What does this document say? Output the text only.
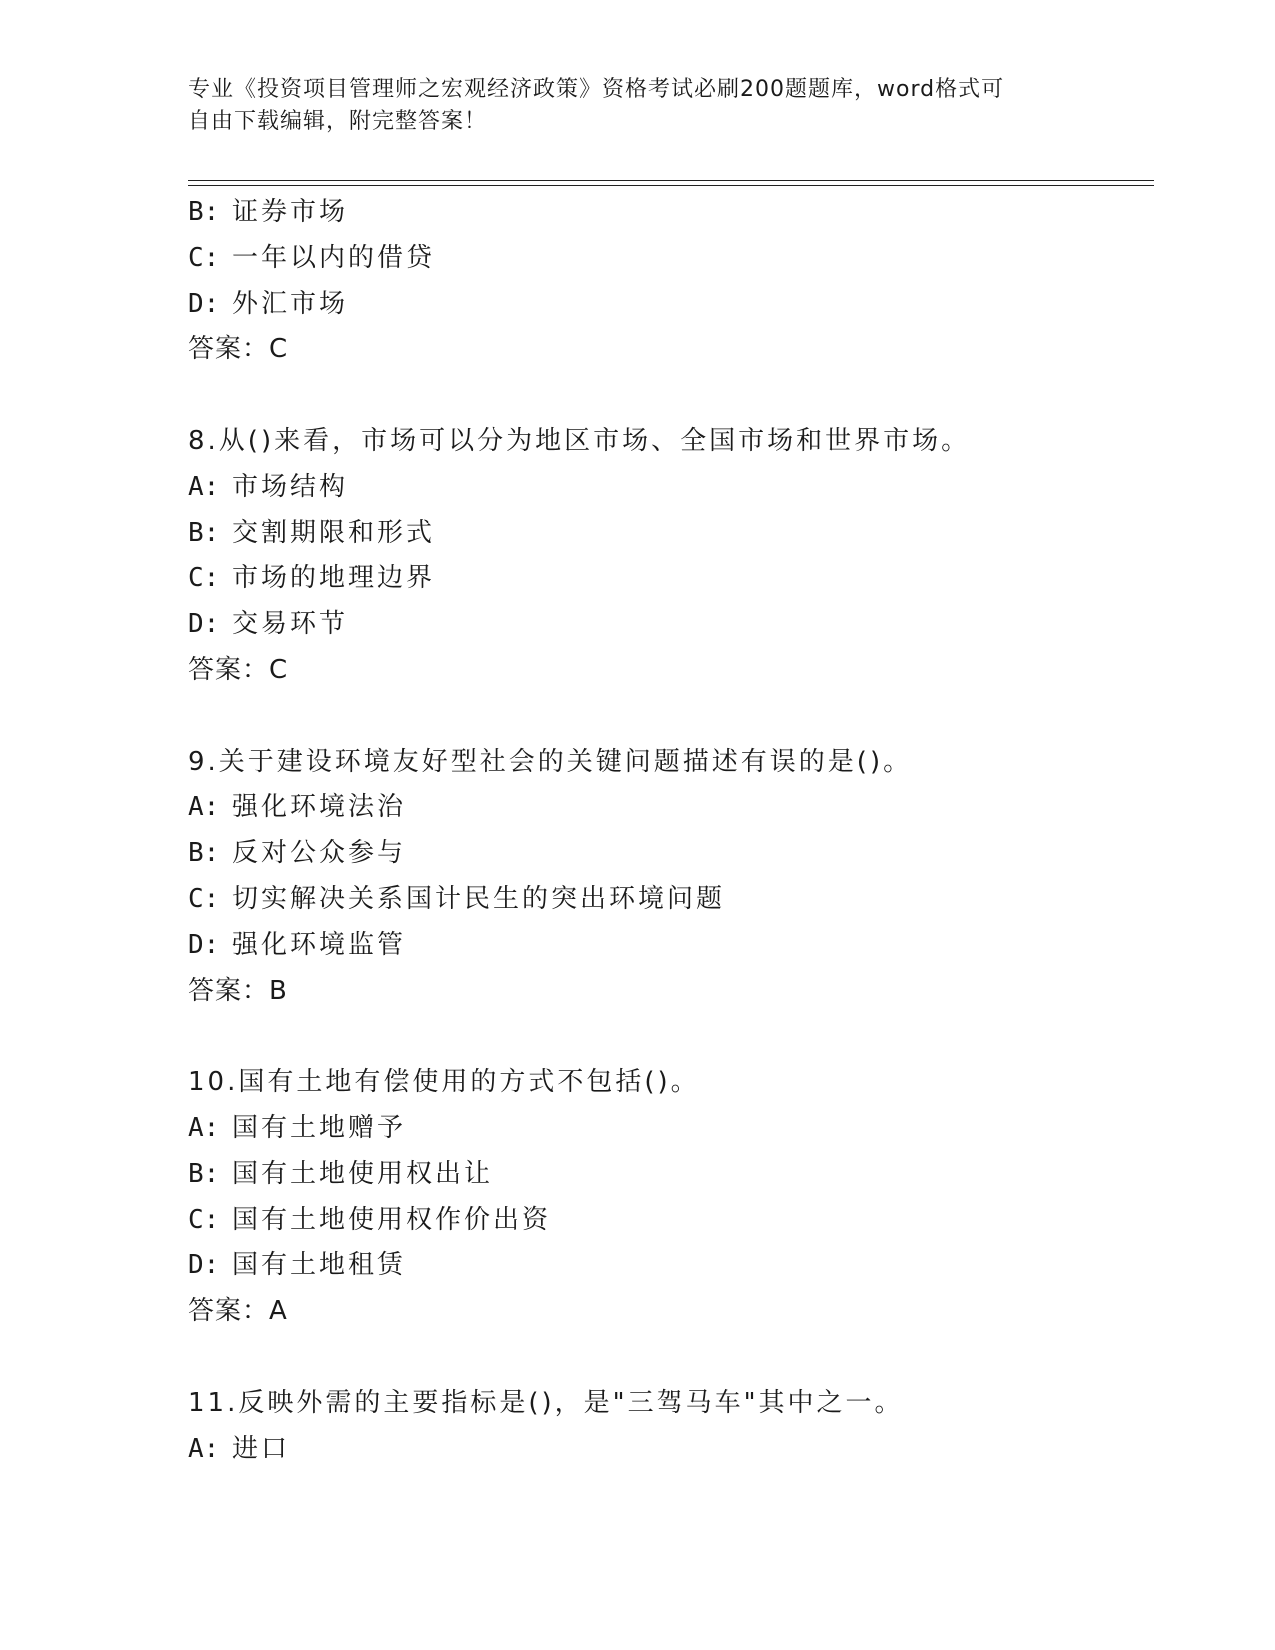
专业《投资项目管理师之宏观经济政策》资格考试必刷200题题库，word格式可
自由下载编辑，附完整答案！
B: 证券市场
C: 一年以内的借贷
D: 外汇市场
答案：C
8.从()来看，市场可以分为地区市场、全国市场和世界市场。
A: 市场结构
B: 交割期限和形式
C: 市场的地理边界
D: 交易环节
答案：C
9.关于建设环境友好型社会的关键问题描述有误的是()。
A: 强化环境法治
B: 反对公众参与
C: 切实解决关系国计民生的突出环境问题
D: 强化环境监管
答案：B
10.国有土地有偿使用的方式不包括()。
A: 国有土地赠予
B: 国有土地使用权出让
C: 国有土地使用权作价出资
D: 国有土地租赁
答案：A
11.反映外需的主要指标是()，是"三驾马车"其中之一。
A: 进口
